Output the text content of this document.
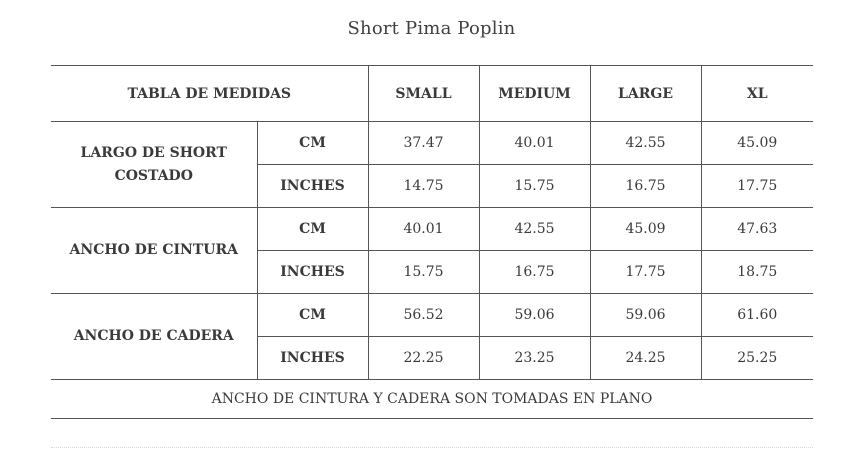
Short Pima Poplin
TABLA DE MEDIDAS		SMALL	MEDIUM	LARGE	XL
LARGO DE SHORT COSTADO	CM	37.47	40.01	42.55	45.09
	INCHES	14.75	15.75	16.75	17.75
ANCHO DE CINTURA	CM	40.01	42.55	45.09	47.63
	INCHES	15.75	16.75	17.75	18.75
ANCHO DE CADERA	CM	56.52	59.06	59.06	61.60
	INCHES	22.25	23.25	24.25	25.25
ANCHO DE CINTURA Y CADERA SON TOMADAS EN PLANO					
